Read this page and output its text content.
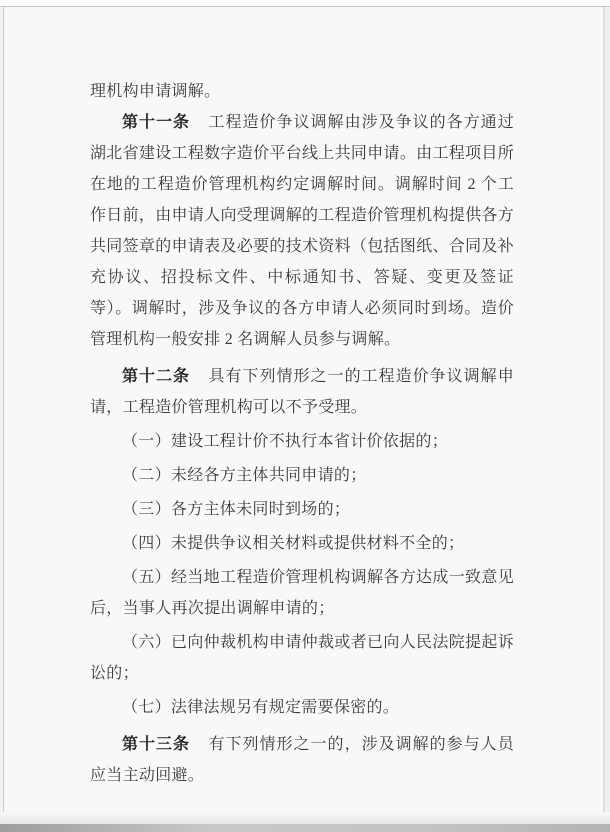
理机构申请调解。

第十一条 工程造价争议调解由涉及争议的各方通过湖北省建设工程数字造价平台线上共同申请。由工程项目所在地的工程造价管理机构约定调解时间。调解时间 2 个工作日前，由申请人向受理调解的工程造价管理机构提供各方共同签章的申请表及必要的技术资料（包括图纸、合同及补充协议、招投标文件、中标通知书、答疑、变更及签证等）。调解时，涉及争议的各方申请人必须同时到场。造价管理机构一般安排 2 名调解人员参与调解。

第十二条 具有下列情形之一的工程造价争议调解申请，工程造价管理机构可以不予受理。

（一）建设工程计价不执行本省计价依据的；

（二）未经各方主体共同申请的；

（三）各方主体未同时到场的；

（四）未提供争议相关材料或提供材料不全的；

（五）经当地工程造价管理机构调解各方达成一致意见后，当事人再次提出调解申请的；

（六）已向仲裁机构申请仲裁或者已向人民法院提起诉讼的；

（七）法律法规另有规定需要保密的。

第十三条 有下列情形之一的，涉及调解的参与人员应当主动回避。
